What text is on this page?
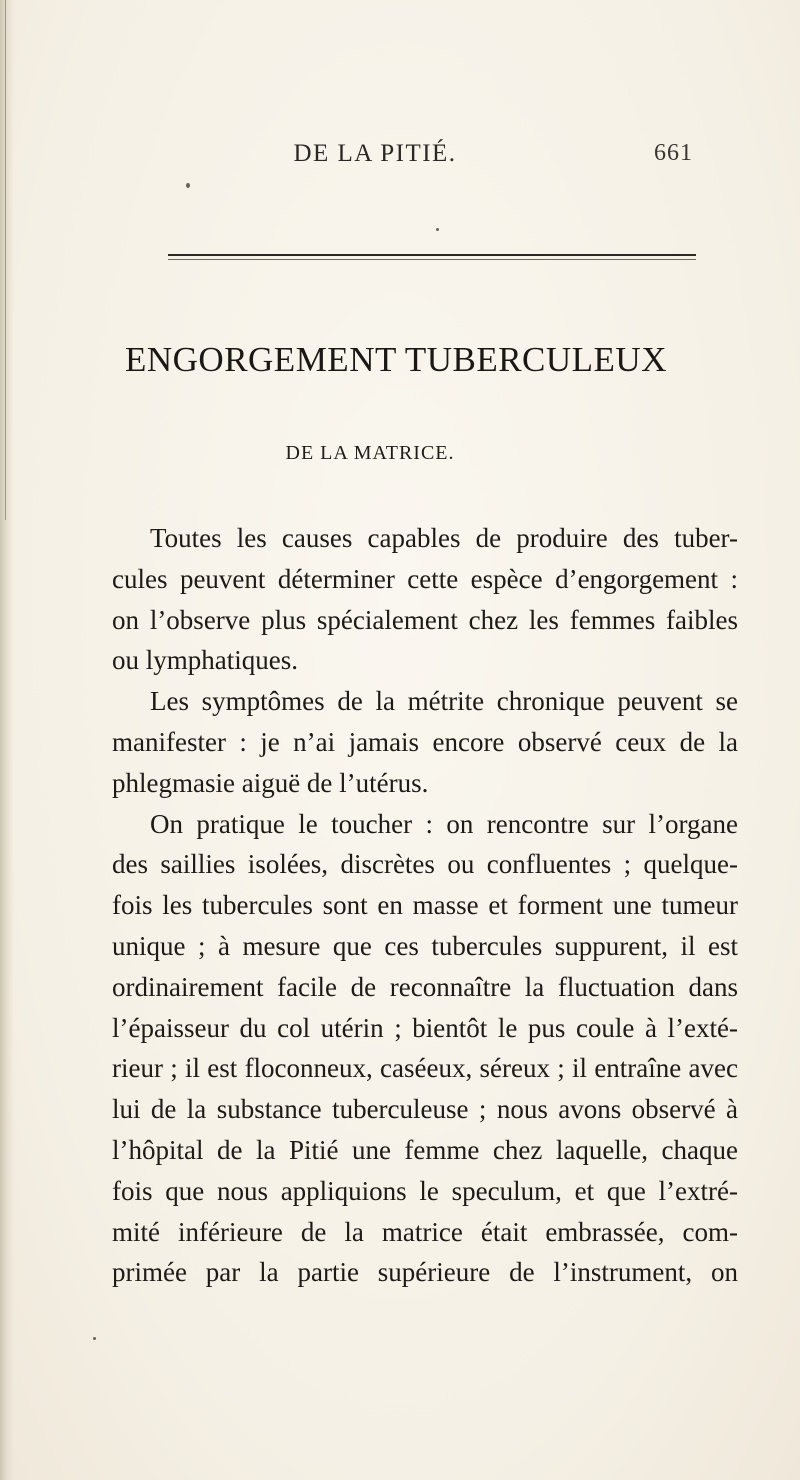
DE LA PITIÉ.	661
ENGORGEMENT TUBERCULEUX
DE LA MATRICE.
Toutes les causes capables de produire des tuber-
cules peuvent déterminer cette espèce d’engorgement :
on l’observe plus spécialement chez les femmes faibles
ou lymphatiques.
Les symptômes de la métrite chronique peuvent se
manifester : je n’ai jamais encore observé ceux de la
phlegmasie aiguë de l’utérus.
On pratique le toucher : on rencontre sur l’organe
des saillies isolées, discrètes ou confluentes ; quelque-
fois les tubercules sont en masse et forment une tumeur
unique ; à mesure que ces tubercules suppurent, il est
ordinairement facile de reconnaître la fluctuation dans
l’épaisseur du col utérin ; bientôt le pus coule à l’exté-
rieur ; il est floconneux, caséeux, séreux ; il entraîne avec
lui de la substance tuberculeuse ; nous avons observé à
l’hôpital de la Pitié une femme chez laquelle, chaque
fois que nous appliquions le speculum, et que l’extré-
mité inférieure de la matrice était embrassée, com-
primée par la partie supérieure de l’instrument, on
